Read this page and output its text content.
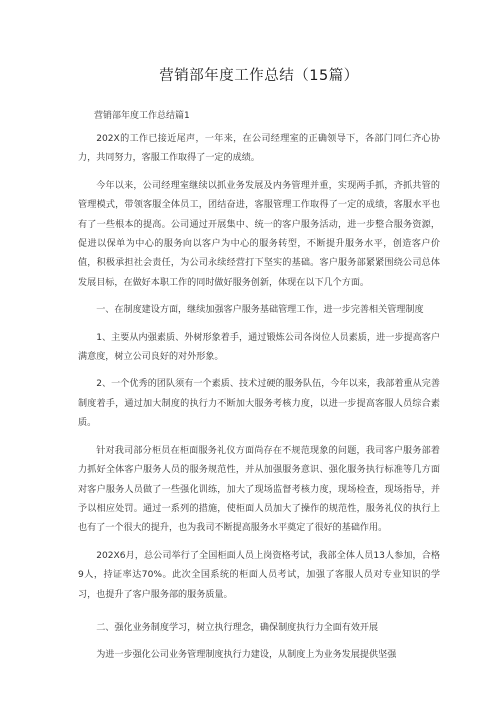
营销部年度工作总结（15篇）
营销部年度工作总结篇1

202X的工作已接近尾声，一年来，在公司经理室的正确领导下，各部门同仁齐心协力，共同努力，客服工作取得了一定的成绩。

今年以来，公司经理室继续以抓业务发展及内务管理并重，实现两手抓，齐抓共管的管理模式，带领客服全体员工，团结奋进，客服管理工作取得了一定的成绩，客服水平也有了一些根本的提高。公司通过开展集中、统一的客户服务活动，进一步整合服务资源，促进以保单为中心的服务向以客户为中心的服务转型，不断提升服务水平，创造客户价值，积极承担社会责任，为公司永续经营打下坚实的基础。客户服务部紧紧围绕公司总体发展目标，在做好本职工作的同时做好服务创新，体现在以下几个方面。

一、在制度建设方面，继续加强客户服务基础管理工作，进一步完善相关管理制度

1、主要从内强素质、外树形象着手，通过锻炼公司各岗位人员素质，进一步提高客户满意度，树立公司良好的对外形象。

2、一个优秀的团队须有一个素质、技术过硬的服务队伍，今年以来，我部着重从完善制度着手，通过加大制度的执行力不断加大服务考核力度，以进一步提高客服人员综合素质。

针对我司部分柜员在柜面服务礼仪方面尚存在不规范现象的问题，我司客户服务部着力抓好全体客户服务人员的服务规范性，并从加强服务意识、强化服务执行标准等几方面对客户服务人员做了一些强化训练，加大了现场监督考核力度，现场检查，现场指导，并予以相应处罚。通过一系列的措施，使柜面人员加大了操作的规范性，服务礼仪的执行上也有了一个很大的提升，也为我司不断提高服务水平奠定了很好的基础作用。

202X6月，总公司举行了全国柜面人员上岗资格考试，我部全体人员13人参加，合格9人，持证率达70%。此次全国系统的柜面人员考试，加强了客服人员对专业知识的学习，也提升了客户服务部的服务质量。

二、强化业务制度学习，树立执行理念，确保制度执行力全面有效开展

为进一步强化公司业务管理制度执行力建设，从制度上为业务发展提供坚强
